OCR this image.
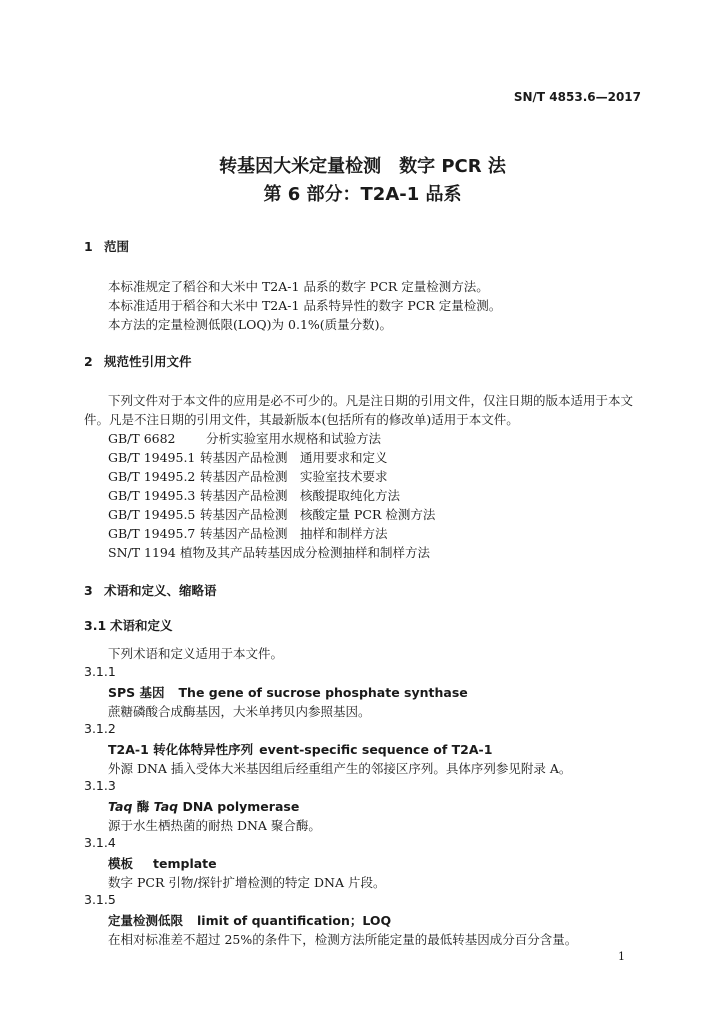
SN/T 4853.6—2017
转基因大米定量检测　数字 PCR 法
第 6 部分：T2A-1 品系
1 范围
本标准规定了稻谷和大米中 T2A-1 品系的数字 PCR 定量检测方法。
本标准适用于稻谷和大米中 T2A-1 品系特异性的数字 PCR 定量检测。
本方法的定量检测低限(LOQ)为 0.1%(质量分数)。
2 规范性引用文件
下列文件对于本文件的应用是必不可少的。凡是注日期的引用文件，仅注日期的版本适用于本文
件。凡是不注日期的引用文件，其最新版本(包括所有的修改单)适用于本文件。
GB/T 6682 分析实验室用水规格和试验方法
GB/T 19495.1 转基因产品检测　通用要求和定义
GB/T 19495.2 转基因产品检测　实验室技术要求
GB/T 19495.3 转基因产品检测　核酸提取纯化方法
GB/T 19495.5 转基因产品检测　核酸定量 PCR 检测方法
GB/T 19495.7 转基因产品检测　抽样和制样方法
SN/T 1194 植物及其产品转基因成分检测抽样和制样方法
3 术语和定义、缩略语
3.1 术语和定义
下列术语和定义适用于本文件。
3.1.1
SPS 基因 The gene of sucrose phosphate synthase
蔗糖磷酸合成酶基因，大米单拷贝内参照基因。
3.1.2
T2A-1 转化体特异性序列 event-specific sequence of T2A-1
外源 DNA 插入受体大米基因组后经重组产生的邻接区序列。具体序列参见附录 A。
3.1.3
Taq 酶 Taq DNA polymerase
源于水生栖热菌的耐热 DNA 聚合酶。
3.1.4
模板 template
数字 PCR 引物/探针扩增检测的特定 DNA 片段。
3.1.5
定量检测低限 limit of quantification；LOQ
在相对标准差不超过 25%的条件下，检测方法所能定量的最低转基因成分百分含量。
1
